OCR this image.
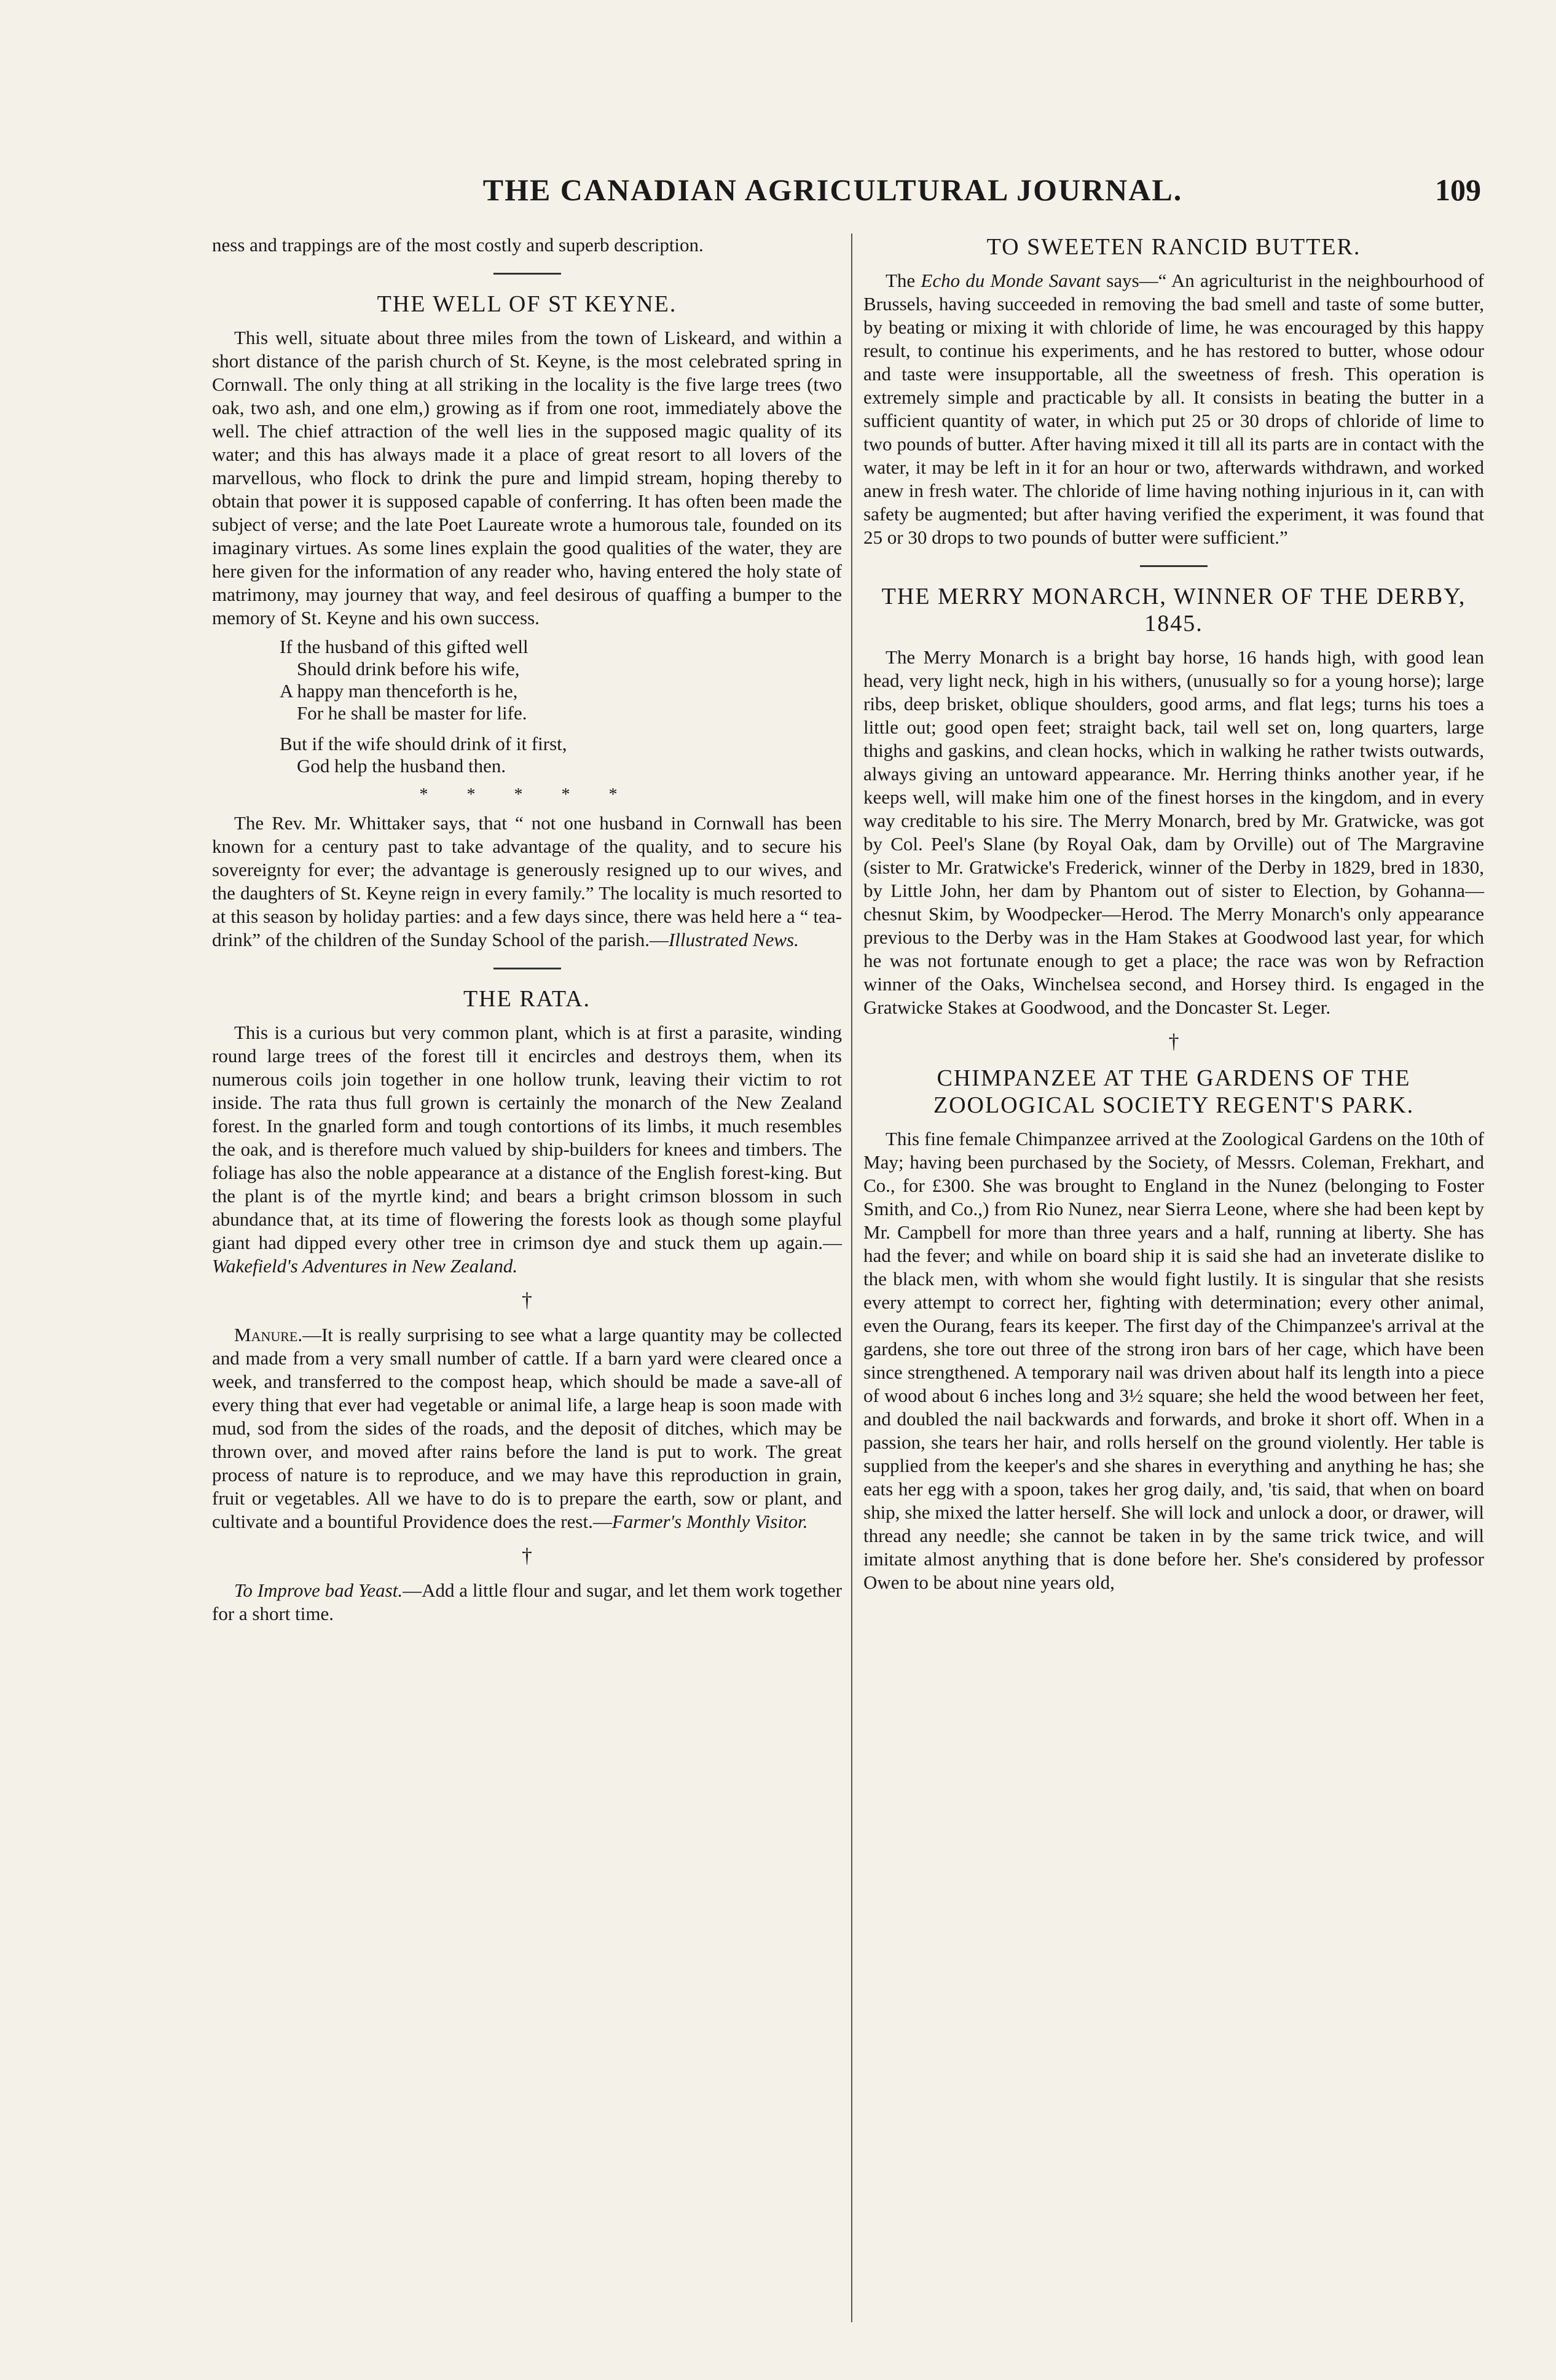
THE CANADIAN AGRICULTURAL JOURNAL.	109

ness and trappings are of the most costly and superb description.

THE WELL OF ST KEYNE.

This well, situate about three miles from the town of Liskeard, and within a short distance of the parish church of St. Keyne, is the most celebrated spring in Cornwall. The only thing at all striking in the locality is the five large trees (two oak, two ash, and one elm,) growing as if from one root, immediately above the well. The chief attraction of the well lies in the supposed magic quality of its water; and this has always made it a place of great resort to all lovers of the marvellous, who flock to drink the pure and limpid stream, hoping thereby to obtain that power it is supposed capable of conferring. It has often been made the subject of verse; and the late Poet Laureate wrote a humorous tale, founded on its imaginary virtues. As some lines explain the good qualities of the water, they are here given for the information of any reader who, having entered the holy state of matrimony, may journey that way, and feel desirous of quaffing a bumper to the memory of St. Keyne and his own success.

If the husband of this gifted well
Should drink before his wife,
A happy man thenceforth is he,
For he shall be master for life.
But if the wife should drink of it first,
God help the husband then.
* * * * *

The Rev. Mr. Whittaker says, that “ not one husband in Cornwall has been known for a century past to take advantage of the quality, and to secure his sovereignty for ever; the advantage is generously resigned up to our wives, and the daughters of St. Keyne reign in every family.” The locality is much resorted to at this season by holiday parties: and a few days since, there was held here a “ tea-drink” of the children of the Sunday School of the parish.—Illustrated News.

THE RATA.

This is a curious but very common plant, which is at first a parasite, winding round large trees of the forest till it encircles and destroys them, when its numerous coils join together in one hollow trunk, leaving their victim to rot inside. The rata thus full grown is certainly the monarch of the New Zealand forest. In the gnarled form and tough contortions of its limbs, it much resembles the oak, and is therefore much valued by ship-builders for knees and timbers. The foliage has also the noble appearance at a distance of the English forest-king. But the plant is of the myrtle kind; and bears a bright crimson blossom in such abundance that, at its time of flowering the forests look as though some playful giant had dipped every other tree in crimson dye and stuck them up again.—Wakefield's Adventures in New Zealand.

†

Manure.—It is really surprising to see what a large quantity may be collected and made from a very small number of cattle. If a barn yard were cleared once a week, and transferred to the compost heap, which should be made a save-all of every thing that ever had vegetable or animal life, a large heap is soon made with mud, sod from the sides of the roads, and the deposit of ditches, which may be thrown over, and moved after rains before the land is put to work. The great process of nature is to reproduce, and we may have this reproduction in grain, fruit or vegetables. All we have to do is to prepare the earth, sow or plant, and cultivate and a bountiful Providence does the rest.—Farmer's Monthly Visitor.

†

To Improve bad Yeast.—Add a little flour and sugar, and let them work together for a short time.

TO SWEETEN RANCID BUTTER.

The Echo du Monde Savant says—“ An agriculturist in the neighbourhood of Brussels, having succeeded in removing the bad smell and taste of some butter, by beating or mixing it with chloride of lime, he was encouraged by this happy result, to continue his experiments, and he has restored to butter, whose odour and taste were insupportable, all the sweetness of fresh. This operation is extremely simple and practicable by all. It consists in beating the butter in a sufficient quantity of water, in which put 25 or 30 drops of chloride of lime to two pounds of butter. After having mixed it till all its parts are in contact with the water, it may be left in it for an hour or two, afterwards withdrawn, and worked anew in fresh water. The chloride of lime having nothing injurious in it, can with safety be augmented; but after having verified the experiment, it was found that 25 or 30 drops to two pounds of butter were sufficient.”

THE MERRY MONARCH, WINNER OF THE DERBY, 1845.

The Merry Monarch is a bright bay horse, 16 hands high, with good lean head, very light neck, high in his withers, (unusually so for a young horse); large ribs, deep brisket, oblique shoulders, good arms, and flat legs; turns his toes a little out; good open feet; straight back, tail well set on, long quarters, large thighs and gaskins, and clean hocks, which in walking he rather twists outwards, always giving an untoward appearance. Mr. Herring thinks another year, if he keeps well, will make him one of the finest horses in the kingdom, and in every way creditable to his sire. The Merry Monarch, bred by Mr. Gratwicke, was got by Col. Peel's Slane (by Royal Oak, dam by Orville) out of The Margravine (sister to Mr. Gratwicke's Frederick, winner of the Derby in 1829, bred in 1830, by Little John, her dam by Phantom out of sister to Election, by Gohanna—chesnut Skim, by Woodpecker—Herod. The Merry Monarch's only appearance previous to the Derby was in the Ham Stakes at Goodwood last year, for which he was not fortunate enough to get a place; the race was won by Refraction winner of the Oaks, Winchelsea second, and Horsey third. Is engaged in the Gratwicke Stakes at Goodwood, and the Doncaster St. Leger.

†
CHIMPANZEE AT THE GARDENS OF THE ZOOLOGICAL SOCIETY REGENT'S PARK.

This fine female Chimpanzee arrived at the Zoological Gardens on the 10th of May; having been purchased by the Society, of Messrs. Coleman, Frekhart, and Co., for £300. She was brought to England in the Nunez (belonging to Foster Smith, and Co.,) from Rio Nunez, near Sierra Leone, where she had been kept by Mr. Campbell for more than three years and a half, running at liberty. She has had the fever; and while on board ship it is said she had an inveterate dislike to the black men, with whom she would fight lustily. It is singular that she resists every attempt to correct her, fighting with determination; every other animal, even the Ourang, fears its keeper. The first day of the Chimpanzee's arrival at the gardens, she tore out three of the strong iron bars of her cage, which have been since strengthened. A temporary nail was driven about half its length into a piece of wood about 6 inches long and 3½ square; she held the wood between her feet, and doubled the nail backwards and forwards, and broke it short off. When in a passion, she tears her hair, and rolls herself on the ground violently. Her table is supplied from the keeper's and she shares in everything and anything he has; she eats her egg with a spoon, takes her grog daily, and, 'tis said, that when on board ship, she mixed the latter herself. She will lock and unlock a door, or drawer, will thread any needle; she cannot be taken in by the same trick twice, and will imitate almost anything that is done before her. She's considered by professor Owen to be about nine years old,
